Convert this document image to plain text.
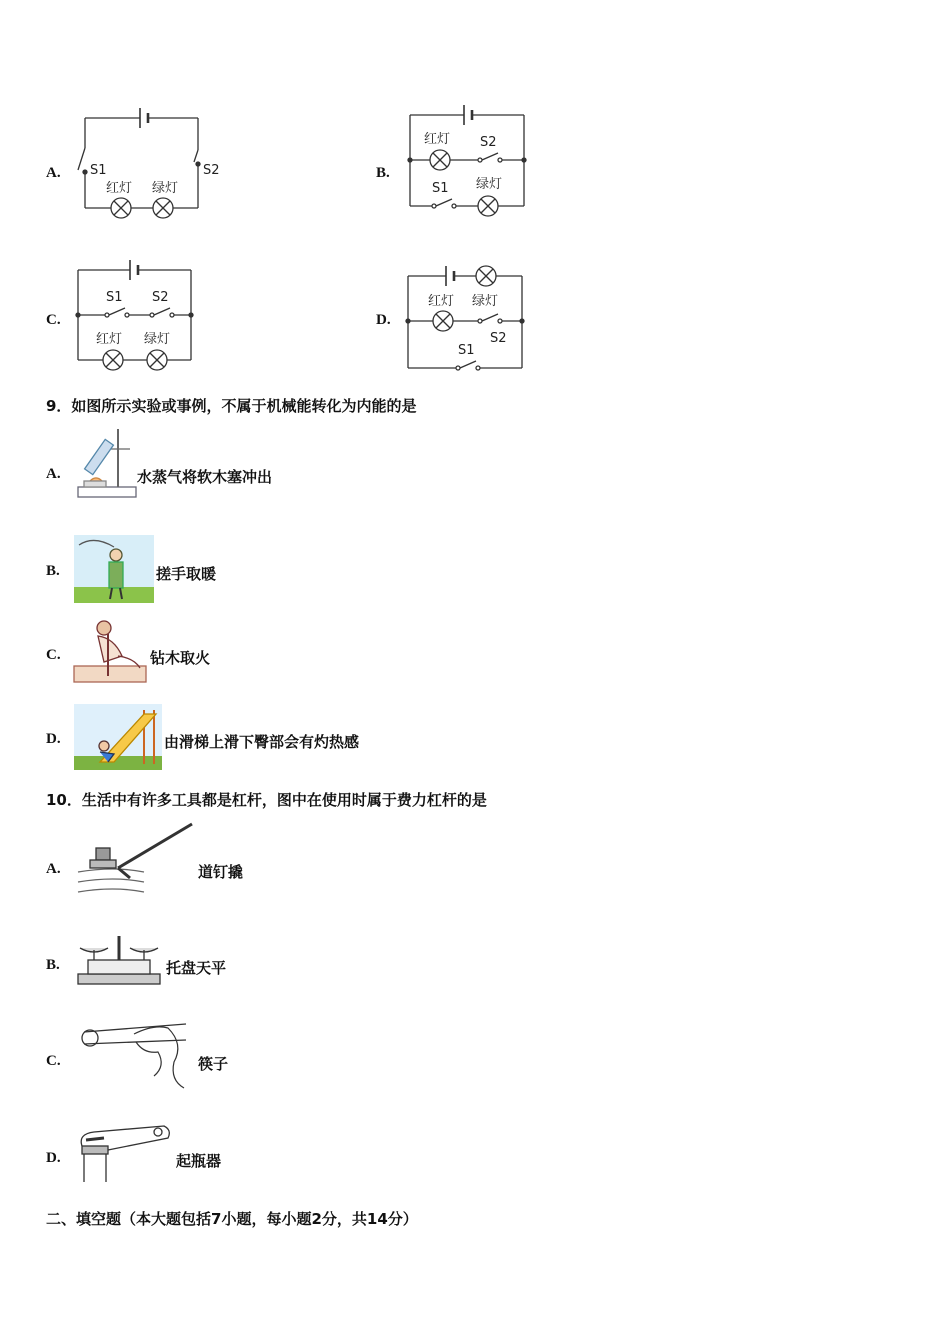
A. S1	S2
红灯 绿灯
B.
红灯 S2
S1 绿灯
C.
S1 S2
红灯 绿灯
D.
红灯 绿灯
S2
S1
9．如图所示实验或事例，不属于机械能转化为内能的是
A.	水蒸气将软木塞冲出
B.	搓手取暖
C.	钻木取火
D.	由滑梯上滑下臀部会有灼热感
10．生活中有许多工具都是杠杆，图中在使用时属于费力杠杆的是
A.	道钉撬
B.	托盘天平
C.	筷子
D.	起瓶器
二、填空题（本大题包括7小题，每小题2分，共14分）
